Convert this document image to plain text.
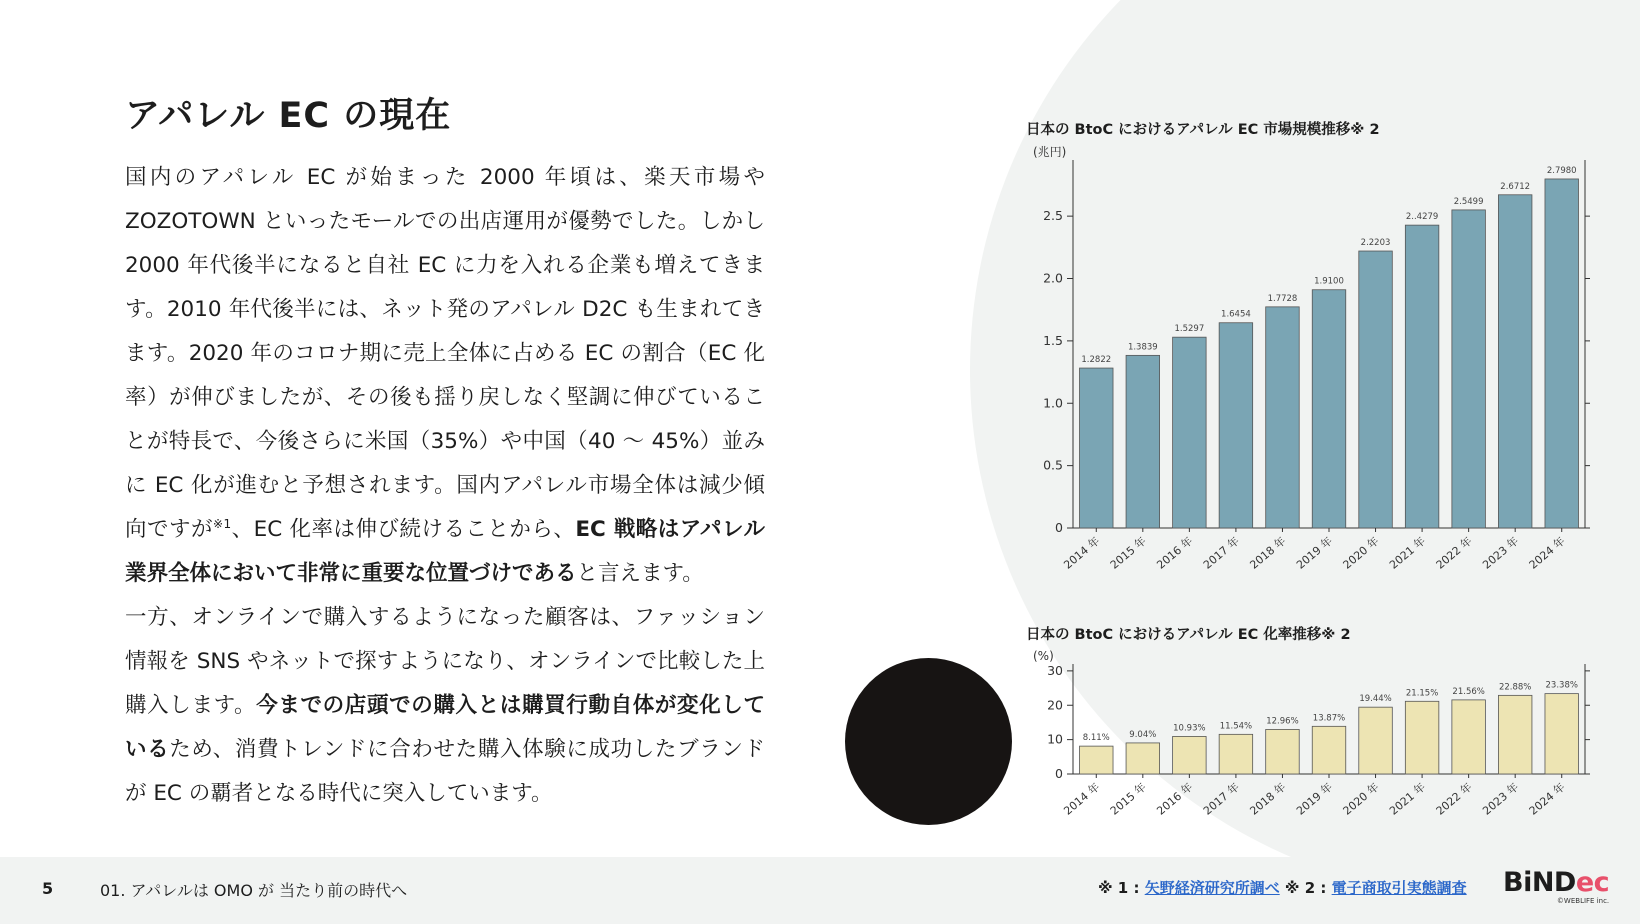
アパレル EC の現在

国内のアパレル EC が始まった 2000 年頃は、楽天市場や ZOZOTOWN といったモールでの出店運用が優勢でした。しかし 2000 年代後半になると自社 EC に力を入れる企業も増えてきます。2010 年代後半には、ネット発のアパレル D2C も生まれてきます。2020 年のコロナ期に売上全体に占める EC の割合（EC 化率）が伸びましたが、その後も揺り戻しなく堅調に伸びていることが特長で、今後さらに米国（35%）や中国（40 〜 45%）並みに EC 化が進むと予想されます。国内アパレル市場全体は減少傾向ですが$^{※1}$、EC 化率は伸び続けることから、EC 戦略はアパレル業界全体において非常に重要な位置づけであると言えます。

一方、オンラインで購入するようになった顧客は、ファッション情報を SNS やネットで探すようになり、オンラインで比較した上購入します。今までの店頭での購入とは購買行動自体が変化しているため、消費トレンドに合わせた購入体験に成功したブランドが EC の覇者となる時代に突入しています。

日本の BtoC におけるアパレル EC 市場規模推移※ 2
(兆円)
0
0.5
1.0
1.5
2.0
2.5
1.2822
2014 年
1.3839
2015 年
1.5297
2016 年
1.6454
2017 年
1.7728
2018 年
1.9100
2019 年
2.2203
2020 年
2..4279
2021 年
2.5499
2022 年
2.6712
2023 年
2.7980
2024 年
日本の BtoC におけるアパレル EC 化率推移※ 2
(%)
0
10
20
30
8.11%
2014 年
9.04%
2015 年
10.93%
2016 年
11.54%
2017 年
12.96%
2018 年
13.87%
2019 年
19.44%
2020 年
21.15%
2021 年
21.56%
2022 年
22.88%
2023 年
23.38%
2024 年
5	01. アパレルは OMO が 当たり前の時代へ	※ 1 : 矢野経済研究所調べ ※ 2 : 電子商取引実態調査 BiNDec
©WEBLIFE inc.
